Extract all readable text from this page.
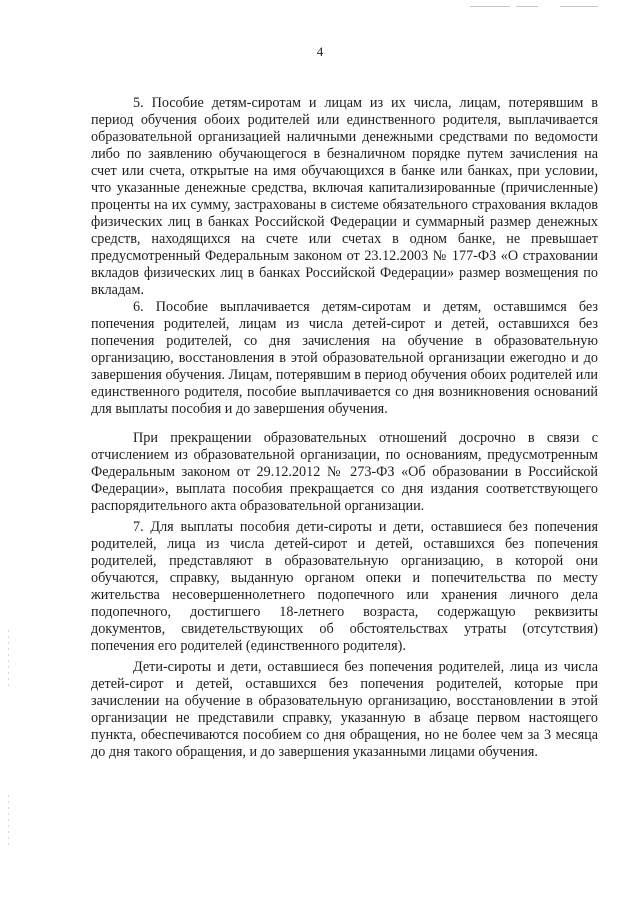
4

5. Пособие детям-сиротам и лицам из их числа, лицам, потерявшим в период обучения обоих родителей или единственного родителя, выплачивается образовательной организацией наличными денежными средствами по ведомости либо по заявлению обучающегося в безналичном порядке путем зачисления на счет или счета, открытые на имя обучающихся в банке или банках, при условии, что указанные денежные средства, включая капитализированные (причисленные) проценты на их сумму, застрахованы в системе обязательного страхования вкладов физических лиц в банках Российской Федерации и суммарный размер денежных средств, находящихся на счете или счетах в одном банке, не превышает предусмотренный Федеральным законом от 23.12.2003 № 177-ФЗ «О страховании вкладов физических лиц в банках Российской Федерации» размер возмещения по вкладам.

6. Пособие выплачивается детям-сиротам и детям, оставшимся без попечения родителей, лицам из числа детей-сирот и детей, оставшихся без попечения родителей, со дня зачисления на обучение в образовательную организацию, восстановления в этой образовательной организации ежегодно и до завершения обучения. Лицам, потерявшим в период обучения обоих родителей или единственного родителя, пособие выплачивается со дня возникновения оснований для выплаты пособия и до завершения обучения.

При прекращении образовательных отношений досрочно в связи с отчислением из образовательной организации, по основаниям, предусмотренным Федеральным законом от 29.12.2012 № 273-ФЗ «Об образовании в Российской Федерации», выплата пособия прекращается со дня издания соответствующего распорядительного акта образовательной организации.

7. Для выплаты пособия дети-сироты и дети, оставшиеся без попечения родителей, лица из числа детей-сирот и детей, оставшихся без попечения родителей, представляют в образовательную организацию, в которой они обучаются, справку, выданную органом опеки и попечительства по месту жительства несовершеннолетнего подопечного или хранения личного дела подопечного, достигшего 18-летнего возраста, содержащую реквизиты документов, свидетельствующих об обстоятельствах утраты (отсутствия) попечения его родителей (единственного родителя).

Дети-сироты и дети, оставшиеся без попечения родителей, лица из числа детей-сирот и детей, оставшихся без попечения родителей, которые при зачислении на обучение в образовательную организацию, восстановлении в этой организации не представили справку, указанную в абзаце первом настоящего пункта, обеспечиваются пособием со дня обращения, но не более чем за 3 месяца до дня такого обращения, и до завершения указанными лицами обучения.
